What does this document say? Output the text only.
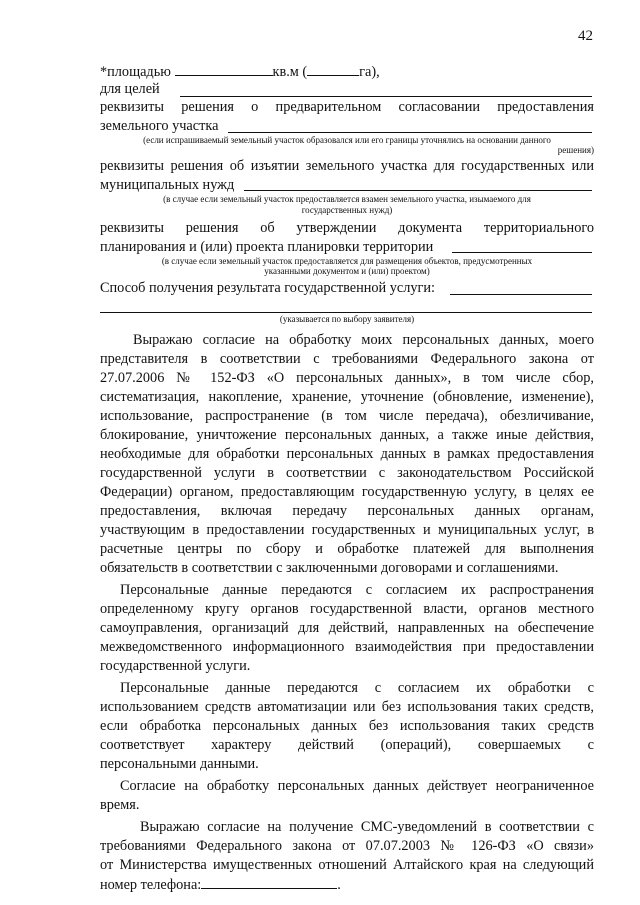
42
*площадью	кв.м (	га),
для целей
реквизиты решения о предварительном согласовании предоставления
земельного участка
(если испрашиваемый земельный участок образовался или его границы уточнялись на основании данного
решения)
реквизиты решения об изъятии земельного участка для государственных или
муниципальных нужд
(в случае если земельный участок предоставляется взамен земельного участка, изымаемого для
государственных нужд)
реквизиты решения об утверждении документа территориального
планирования и (или) проекта планировки территории
(в случае если земельный участок предоставляется для размещения объектов, предусмотренных
указанными документом и (или) проектом)
Способ получения результата государственной услуги:
(указывается по выбору заявителя)
Выражаю согласие на обработку моих персональных данных, моего
представителя в соответствии с требованиями Федерального закона от
27.07.2006 № 152-ФЗ «О персональных данных», в том числе сбор,
систематизация, накопление, хранение, уточнение (обновление, изменение),
использование, распространение (в том числе передача), обезличивание,
блокирование, уничтожение персональных данных, а также иные действия,
необходимые для обработки персональных данных в рамках предоставления
государственной услуги в соответствии с законодательством Российской
Федерации) органом, предоставляющим государственную услугу, в целях ее
предоставления, включая передачу персональных данных органам,
участвующим в предоставлении государственных и муниципальных услуг, в
расчетные центры по сбору и обработке платежей для выполнения
обязательств в соответствии с заключенными договорами и соглашениями.
Персональные данные передаются с согласием их распространения
определенному кругу органов государственной власти, органов местного
самоуправления, организаций для действий, направленных на обеспечение
межведомственного информационного взаимодействия при предоставлении
государственной услуги.
Персональные данные передаются с согласием их обработки с
использованием средств автоматизации или без использования таких средств,
если обработка персональных данных без использования таких средств
соответствует характеру действий (операций), совершаемых с
персональными данными.
Согласие на обработку персональных данных действует неограниченное
время.
Выражаю согласие на получение СМС-уведомлений в соответствии с
требованиями Федерального закона от 07.07.2003 № 126-ФЗ «О связи»
от Министерства имущественных отношений Алтайского края на следующий
номер телефона:	.
